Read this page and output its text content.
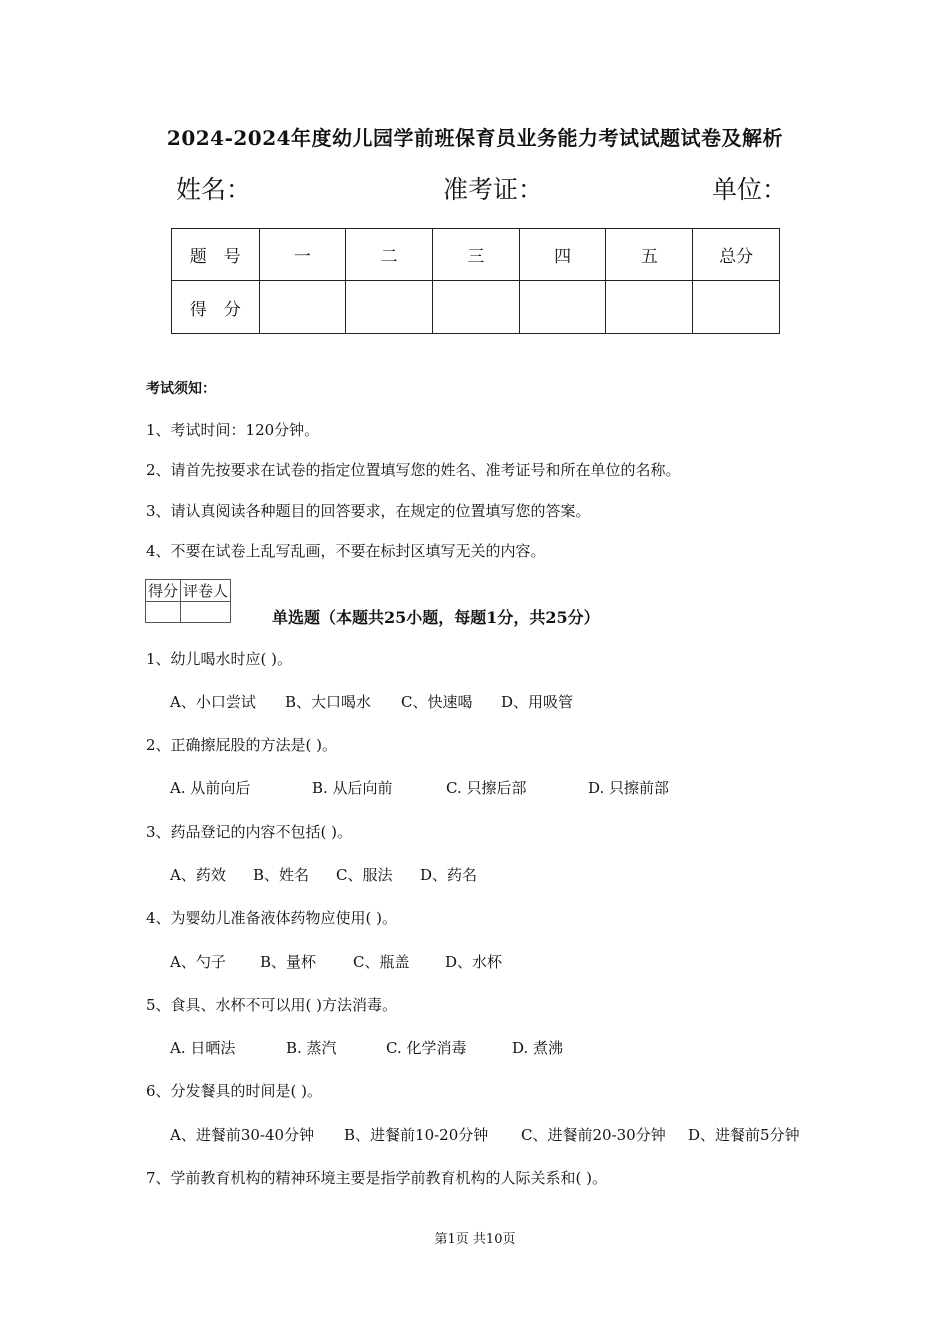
2024-2024年度幼儿园学前班保育员业务能力考试试题试卷及解析
姓名：	准考证：	单位：
题　号	一	二	三	四	五	总分
得　分						
考试须知：
1、考试时间：120分钟。
2、请首先按要求在试卷的指定位置填写您的姓名、准考证号和所在单位的名称。
3、请认真阅读各种题目的回答要求，在规定的位置填写您的答案。
4、不要在试卷上乱写乱画，不要在标封区填写无关的内容。
得分	评卷人

单选题（本题共25小题，每题1分，共25分）
1、幼儿喝水时应( )。
A、小口尝试 B、大口喝水 C、快速喝 D、用吸管
2、正确擦屁股的方法是( )。
A. 从前向后	B. 从后向前	C. 只擦后部	D. 只擦前部
3、药品登记的内容不包括( )。
A、药效 B、姓名 C、服法 D、药名
4、为婴幼儿准备液体药物应使用( )。
A、勺子 B、量杯 C、瓶盖 D、水杯
5、食具、水杯不可以用( )方法消毒。
A. 日晒法	B. 蒸汽	C. 化学消毒	D. 煮沸
6、分发餐具的时间是( )。
A、进餐前30-40分钟 B、进餐前10-20分钟 C、进餐前20-30分钟 D、进餐前5分钟
7、学前教育机构的精神环境主要是指学前教育机构的人际关系和( )。
第1页 共10页
